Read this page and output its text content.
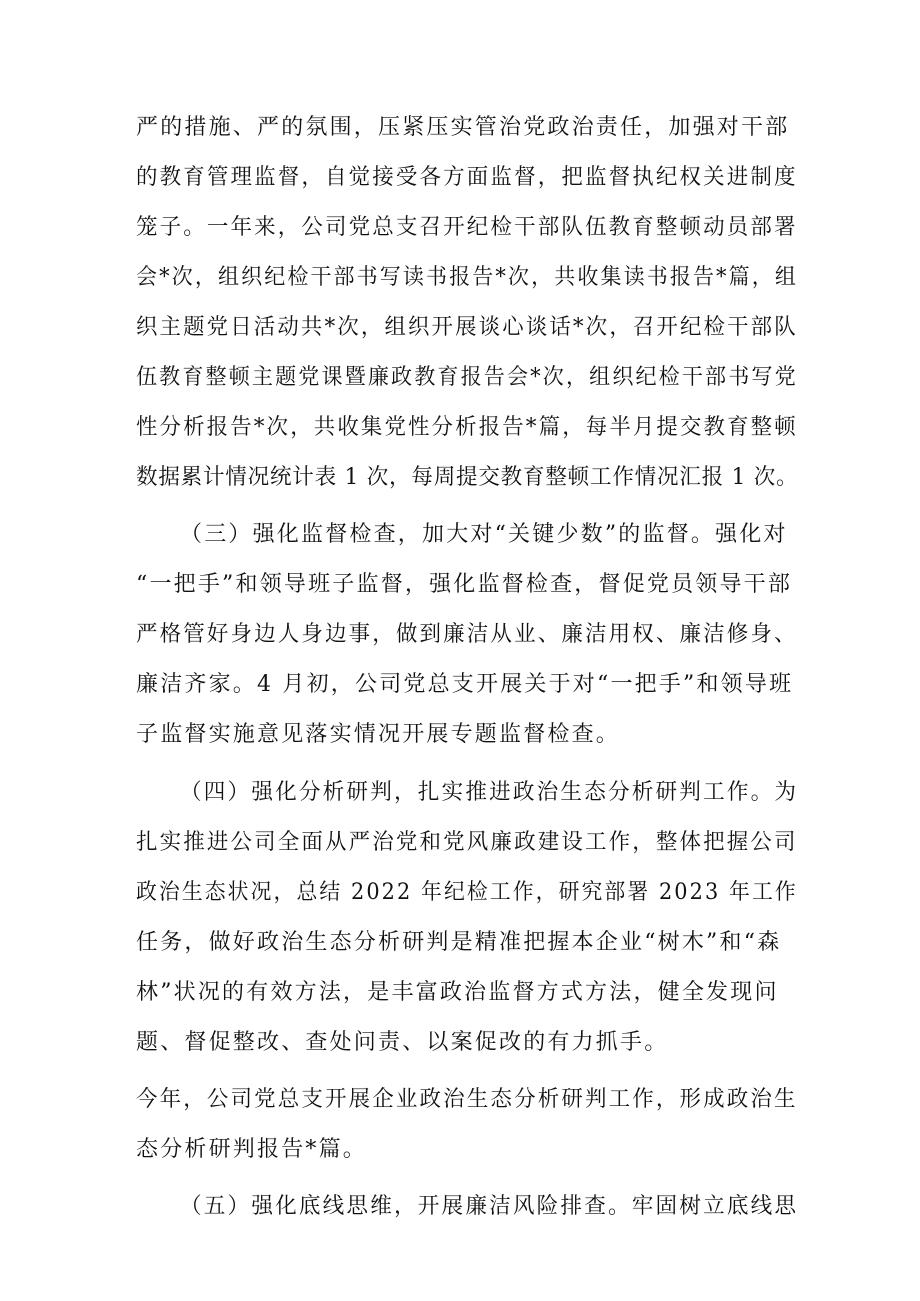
严的措施、严的氛围，压紧压实管治党政治责任，加强对干部
的教育管理监督，自觉接受各方面监督，把监督执纪权关进制度
笼子。一年来，公司党总支召开纪检干部队伍教育整顿动员部署
会*次，组织纪检干部书写读书报告*次，共收集读书报告*篇，组
织主题党日活动共*次，组织开展谈心谈话*次，召开纪检干部队
伍教育整顿主题党课暨廉政教育报告会*次，组织纪检干部书写党
性分析报告*次，共收集党性分析报告*篇，每半月提交教育整顿
数据累计情况统计表 1 次，每周提交教育整顿工作情况汇报 1 次。
（三）强化监督检查，加大对“关键少数”的监督。强化对
“一把手”和领导班子监督，强化监督检查，督促党员领导干部
严格管好身边人身边事，做到廉洁从业、廉洁用权、廉洁修身、
廉洁齐家。4 月初，公司党总支开展关于对“一把手”和领导班
子监督实施意见落实情况开展专题监督检查。
（四）强化分析研判，扎实推进政治生态分析研判工作。为
扎实推进公司全面从严治党和党风廉政建设工作，整体把握公司
政治生态状况，总结 2022 年纪检工作，研究部署 2023 年工作
任务，做好政治生态分析研判是精准把握本企业“树木”和“森
林”状况的有效方法，是丰富政治监督方式方法，健全发现问
题、督促整改、查处问责、以案促改的有力抓手。
今年，公司党总支开展企业政治生态分析研判工作，形成政治生
态分析研判报告*篇。
（五）强化底线思维，开展廉洁风险排查。牢固树立底线思
